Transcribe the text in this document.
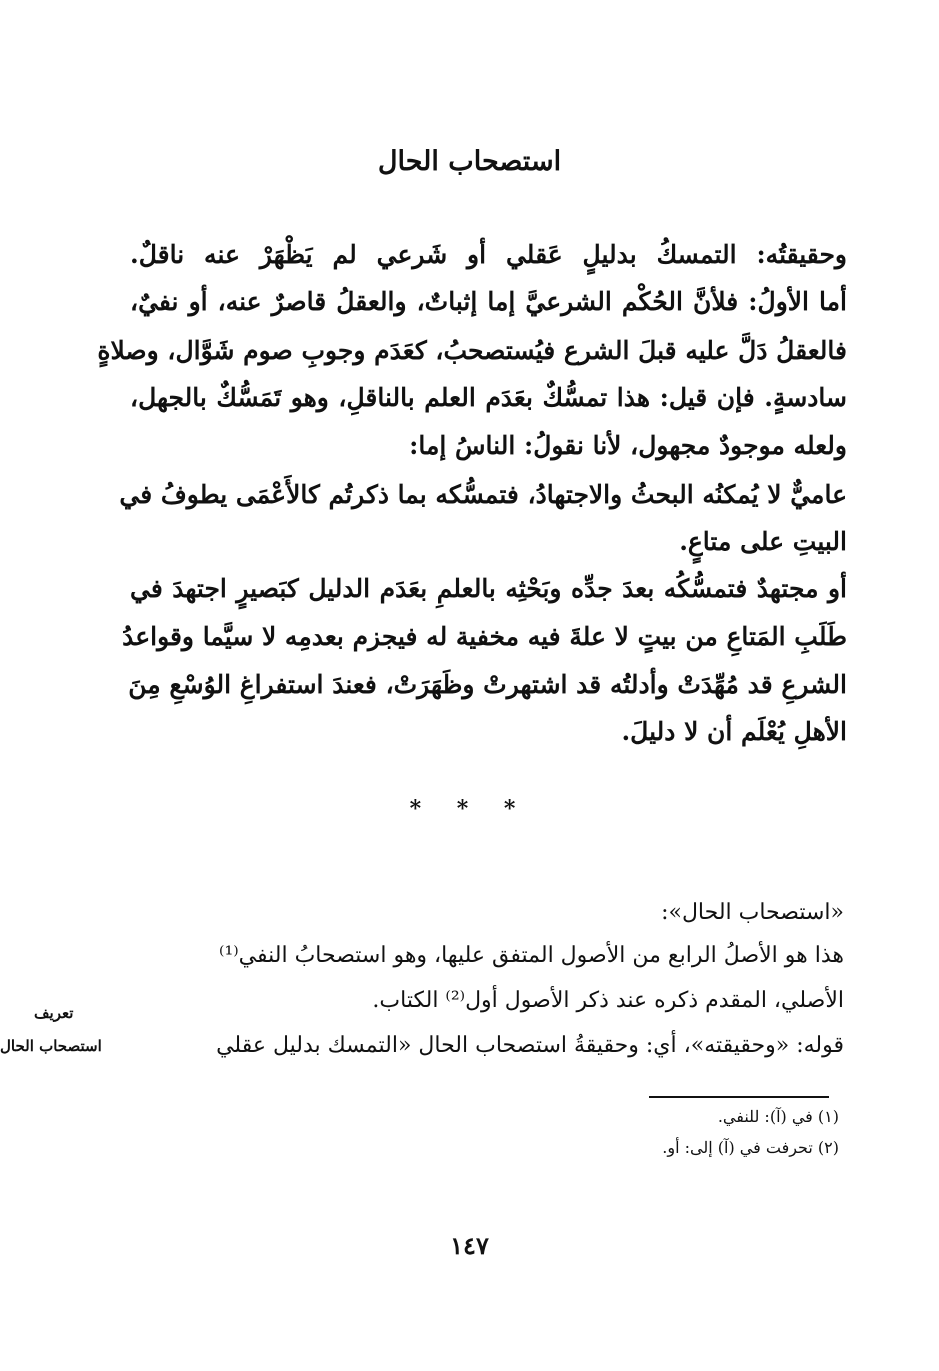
استصحاب الحال

وحقيقتُه: التمسكُ بدليلٍ عَقلي أو شَرعي لم يَظْهَرْ عنه ناقلٌ.

أما الأولُ: فلأنَّ الحُكْم الشرعيَّ إما إثباتٌ، والعقلُ قاصرٌ عنه، أو نفيٌ،

فالعقلُ دَلَّ عليه قبلَ الشرع فيُستصحبُ، كعَدَم وجوبِ صوم شَوَّال، وصلاةٍ

سادسةٍ. فإن قيل: هذا تمسُّكٌ بعَدَم العلم بالناقلِ، وهو تَمَسُّكٌ بالجهل،

ولعله موجودٌ مجهول، لأنا نقولُ: الناسُ إما:

عاميٌّ لا يُمكنُه البحثُ والاجتهادُ، فتمسُّكه بما ذكرتُم كالأَعْمَى يطوفُ في

البيتِ على متاعٍ.

أو مجتهدٌ فتمسُّكُه بعدَ جدِّه وبَحْثِه بالعلمِ بعَدَم الدليل كبَصيرٍ اجتهدَ في

طَلَبِ المَتاعِ من بيتٍ لا علةَ فيه مخفية له فيجزم بعدمِه لا سيَّما وقواعدُ

الشرعِ قد مُهِّدَتْ وأدلتُه قد اشتهرتْ وظَهَرَتْ، فعندَ استفراغِ الوُسْعِ مِنَ

الأهلِ يُعْلَم أن لا دليلَ.

* * *

«استصحاب الحال»:

هذا هو الأصلُ الرابع من الأصول المتفق عليها، وهو استصحابُ النفي⁽¹⁾

الأصلي، المقدم ذكره عند ذكر الأصول أول⁽²⁾ الكتاب.

قوله: «وحقيقته»، أي: وحقيقةُ استصحاب الحال «التمسك بدليل عقلي

تعريف
استصحاب الحال

(١) في (آ): للنفي.

(٢) تحرفت في (آ) إلى: أو.

١٤٧
